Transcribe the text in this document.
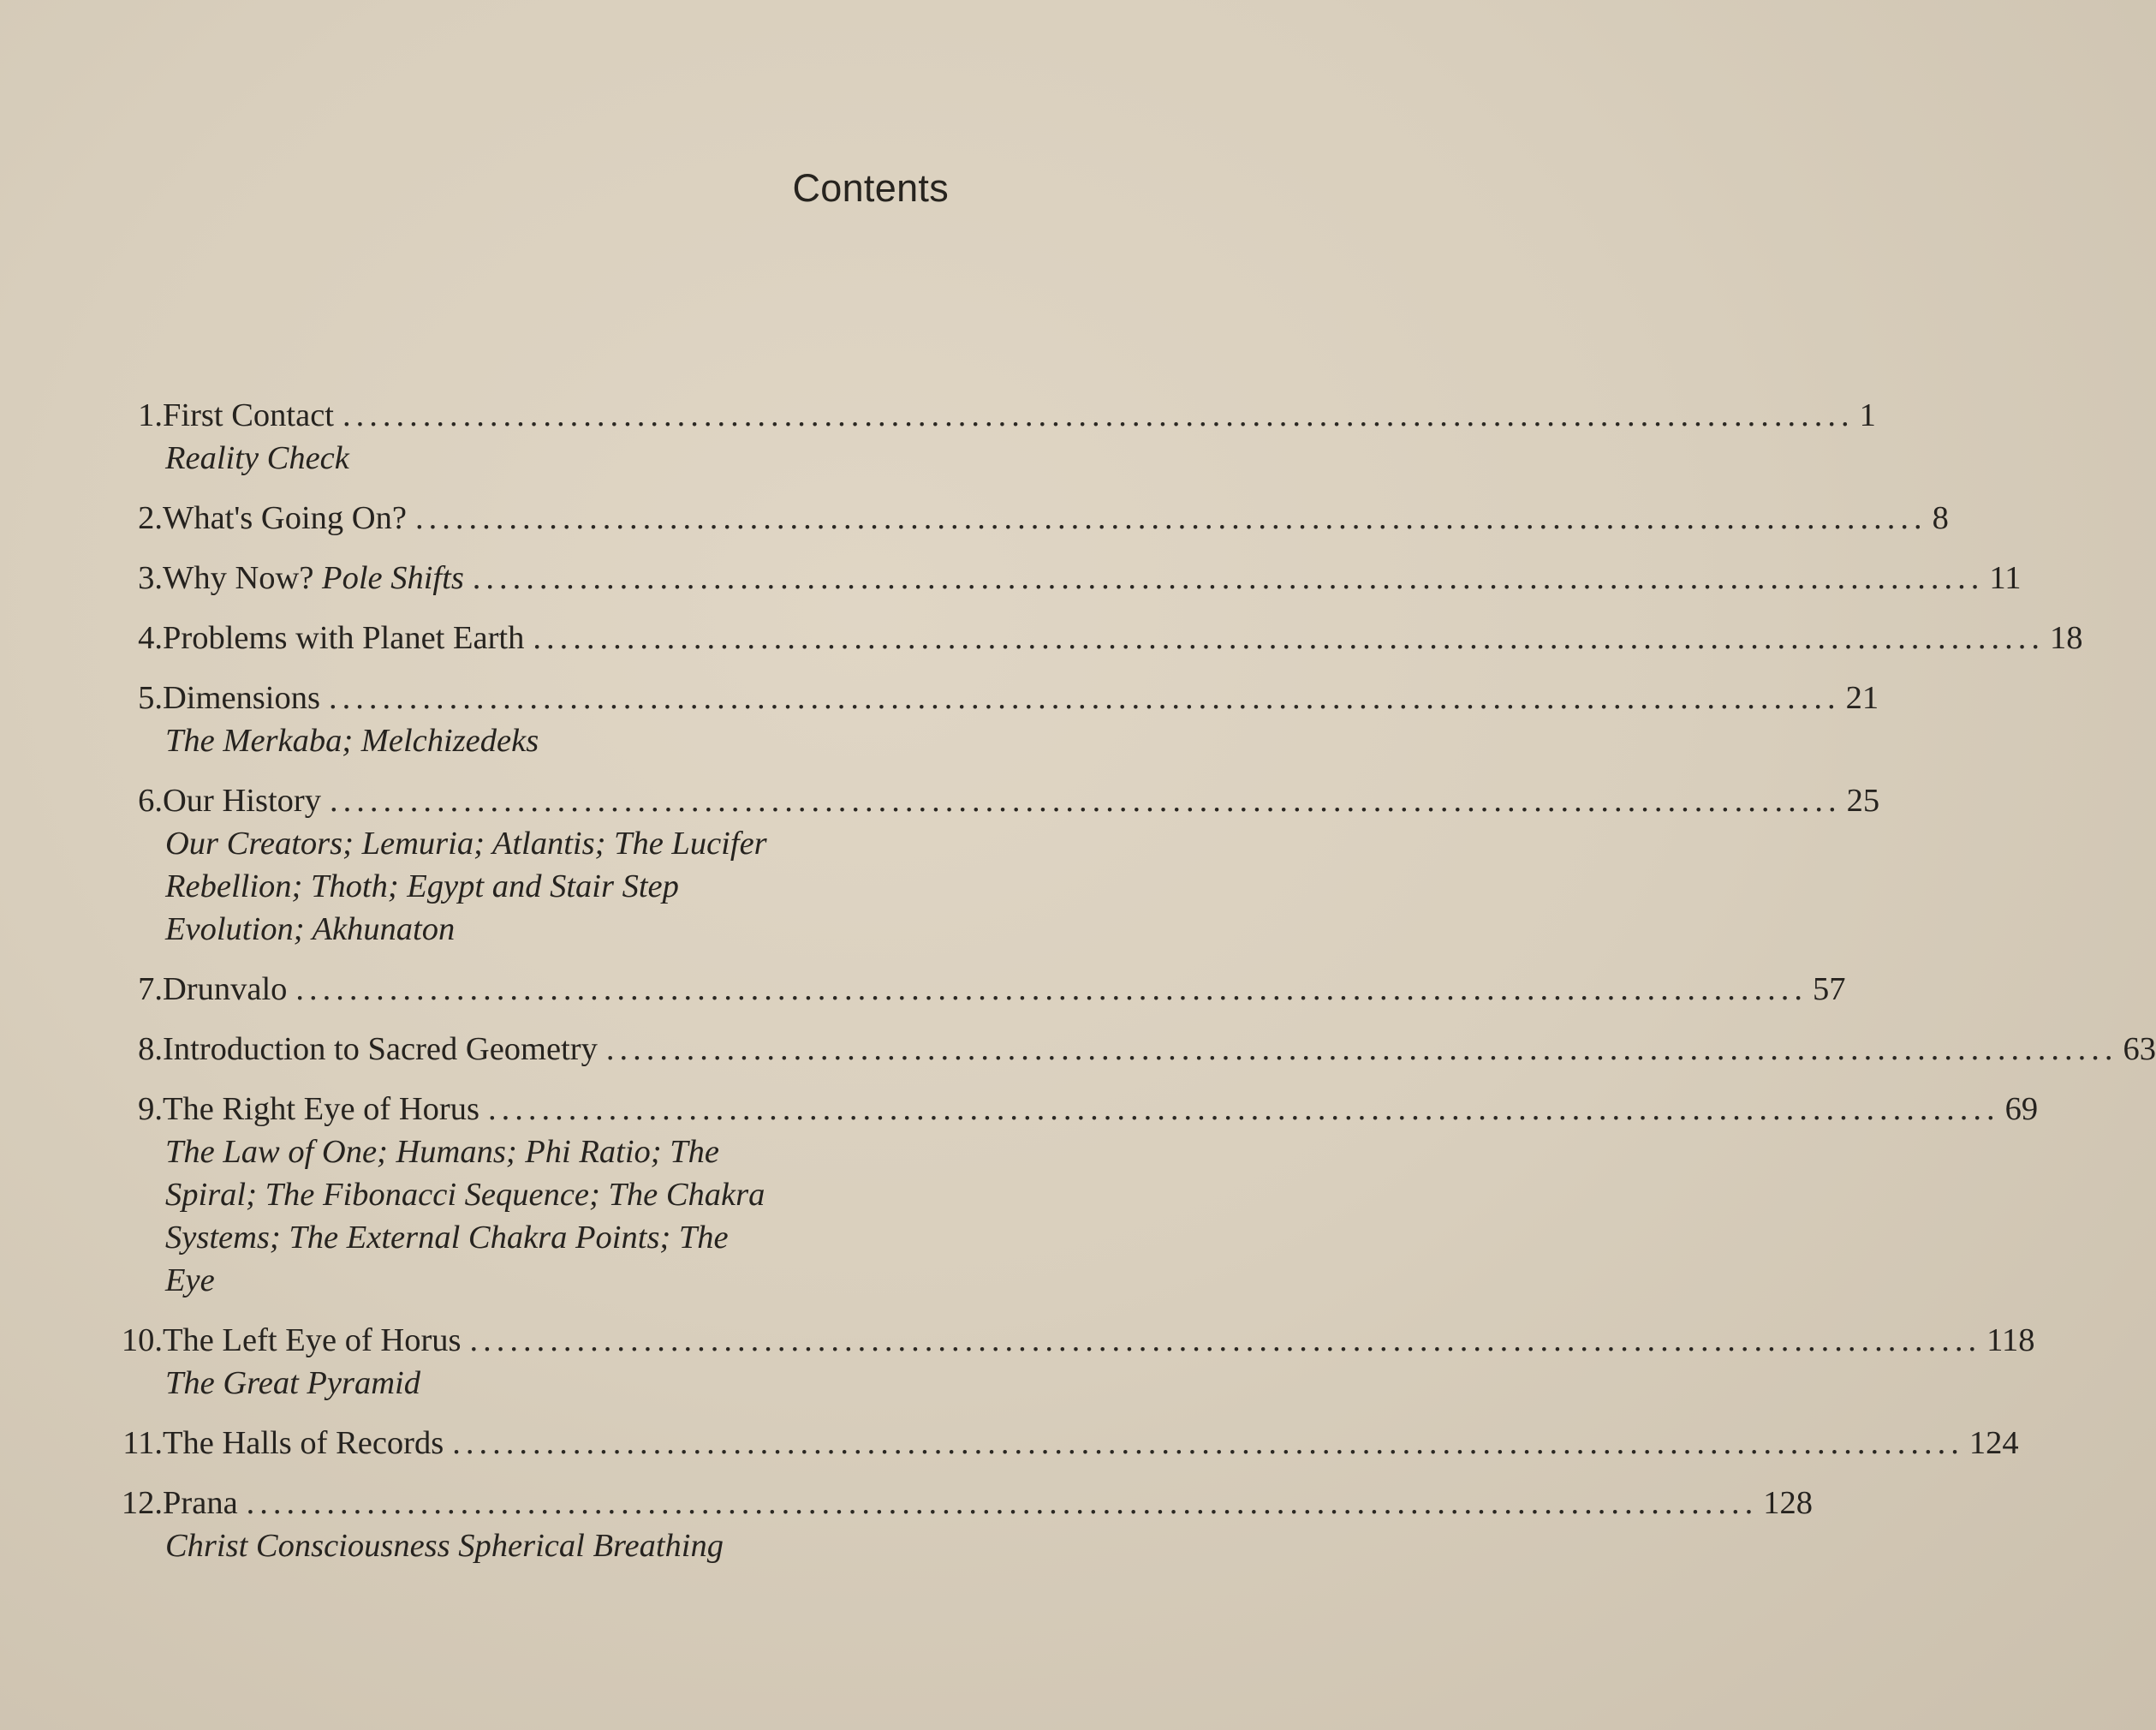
Contents
1. First Contact ................................................................................................................. 1
Reality Check
2. What's Going On? ................................................................................................................. 8
3. Why Now? Pole Shifts ................................................................................................................. 11
4. Problems with Planet Earth ................................................................................................................. 18
5. Dimensions ................................................................................................................. 21
The Merkaba; Melchizedeks
6. Our History ................................................................................................................. 25
Our Creators; Lemuria; Atlantis; The Lucifer
Rebellion; Thoth; Egypt and Stair Step
Evolution; Akhunaton
7. Drunvalo ................................................................................................................. 57
8. Introduction to Sacred Geometry ................................................................................................................. 63
9. The Right Eye of Horus ................................................................................................................. 69
The Law of One; Humans; Phi Ratio; The
Spiral; The Fibonacci Sequence; The Chakra
Systems; The External Chakra Points; The
Eye
10. The Left Eye of Horus ................................................................................................................. 118
The Great Pyramid
11. The Halls of Records ................................................................................................................. 124
12. Prana ................................................................................................................. 128
Christ Consciousness Spherical Breathing
